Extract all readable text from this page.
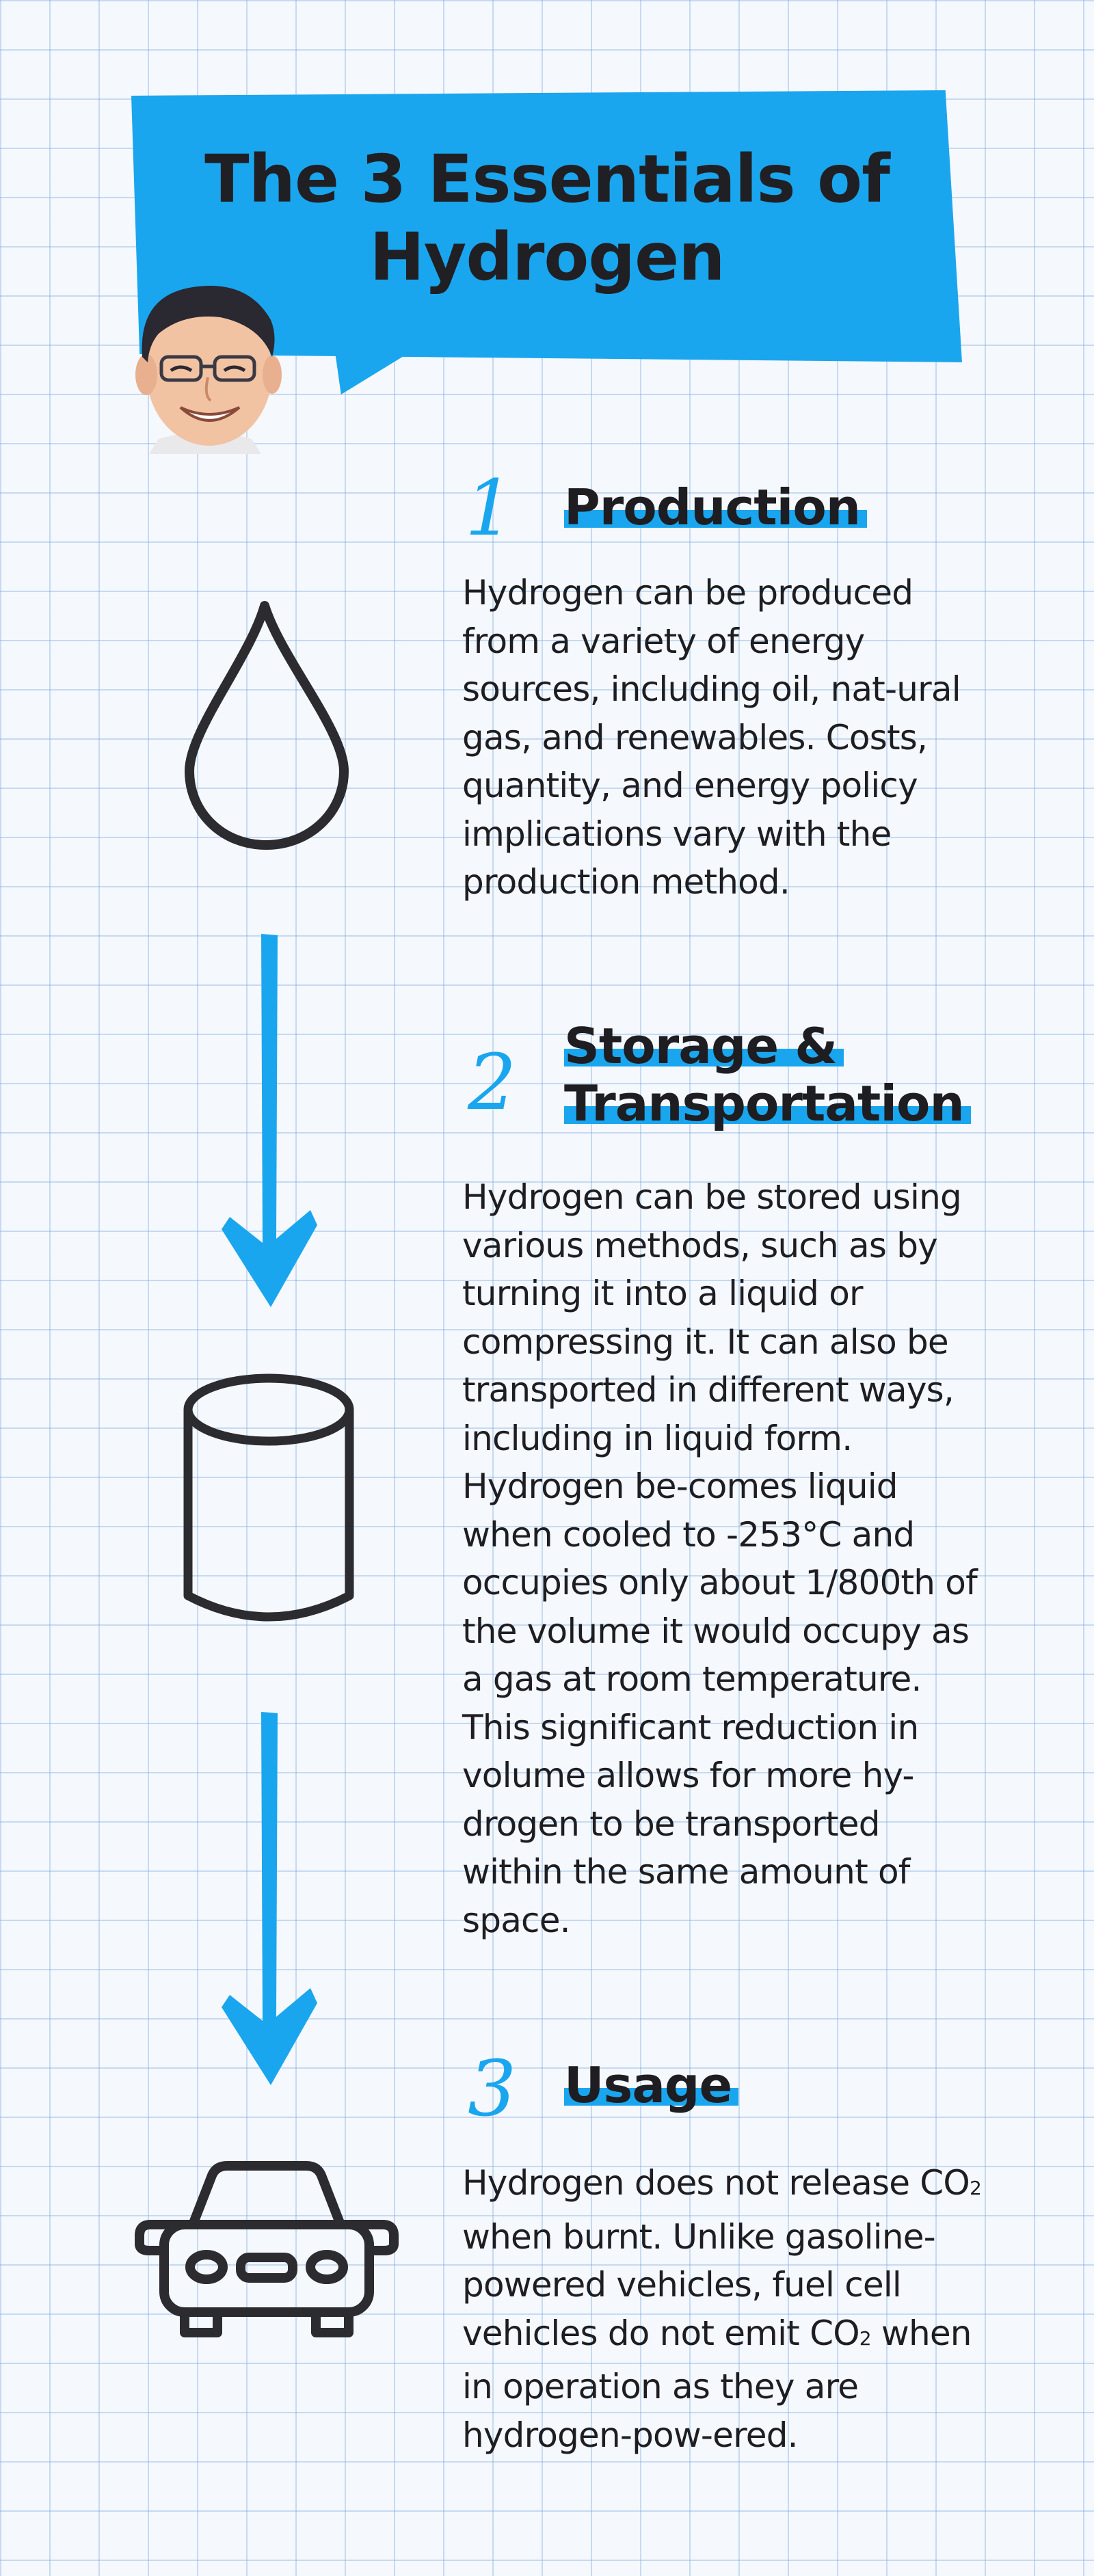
The 3 Essentials of Hydrogen
1 Production

Hydrogen can be produced from a variety of energy sources, including oil, nat-ural gas, and renewables. Costs, quantity, and energy policy implications vary with the production method.

2 Storage &
Transportation

Hydrogen can be stored using various methods, such as by turning it into a liquid or compressing it. It can also be transported in different ways, including in liquid form. Hydrogen be-comes liquid when cooled to -253°C and occupies only about 1/800th of the volume it would occupy as a gas at room temperature. This significant reduction in volume allows for more hy-drogen to be transported within the same amount of space.

3 Usage

Hydrogen does not release CO2 when burnt. Unlike gasoline-powered vehicles, fuel cell vehicles do not emit CO2 when in operation as they are hydrogen-pow-ered.
